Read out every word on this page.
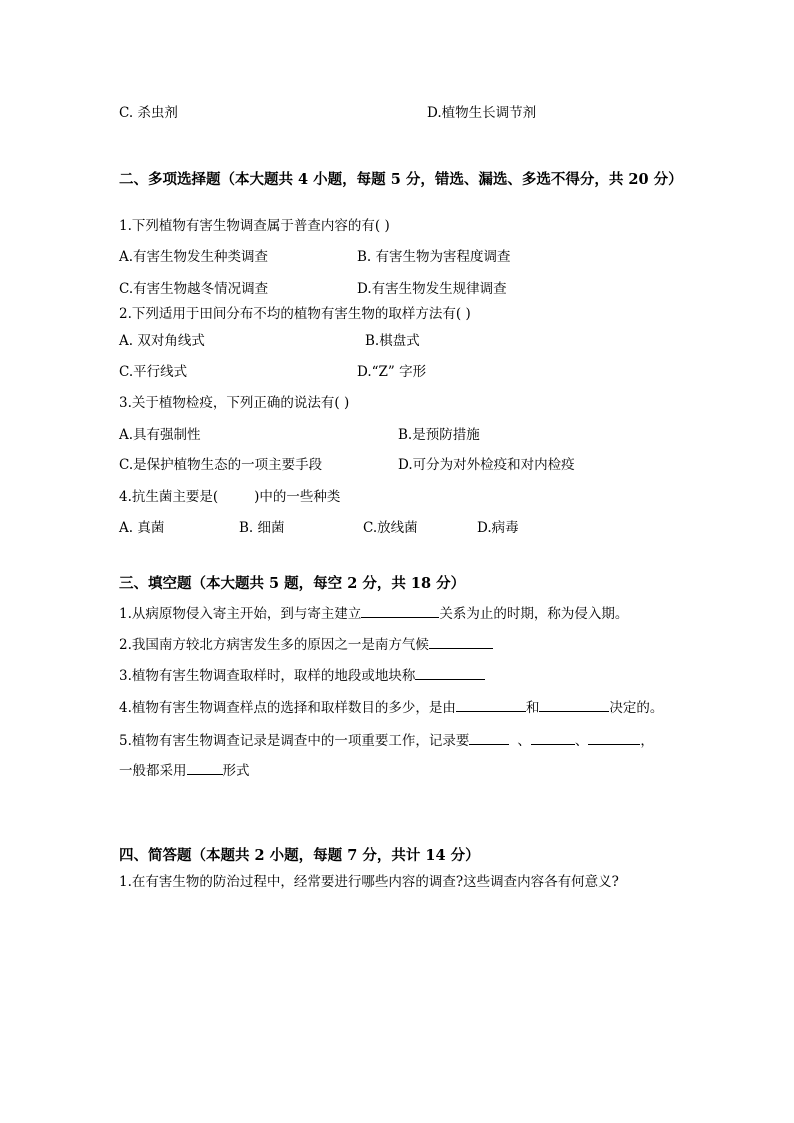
C. 杀虫剂	D.植物生长调节剂
二、多项选择题（本大题共 4 小题，每题 5 分，错选、漏选、多选不得分，共 20 分）
1.下列植物有害生物调查属于普查内容的有( )
A.有害生物发生种类调查	B. 有害生物为害程度调查
C.有害生物越冬情况调查	D.有害生物发生规律调查
2.下列适用于田间分布不均的植物有害生物的取样方法有( )
A. 双对角线式	B.棋盘式
C.平行线式	D.“Z” 字形
3.关于植物检疫，下列正确的说法有( )
A.具有强制性	B.是预防措施
C.是保护植物生态的一项主要手段	D.可分为对外检疫和对内检疫
4.抗生菌主要是(	)中的一些种类
A. 真菌	B. 细菌	C.放线菌	D.病毒
三、填空题（本大题共 5 题，每空 2 分，共 18 分）
1.从病原物侵入寄主开始，到与寄主建立	关系为止的时期，称为侵入期。
2.我国南方较北方病害发生多的原因之一是南方气候
3.植物有害生物调查取样时，取样的地段或地块称
4.植物有害生物调查样点的选择和取样数目的多少，是由	和	决定的。
5.植物有害生物调查记录是调查中的一项重要工作，记录要	、	、	，
一般都采用	形式
四、简答题（本题共 2 小题，每题 7 分，共计 14 分）
1.在有害生物的防治过程中，经常要进行哪些内容的调查?这些调查内容各有何意义?
